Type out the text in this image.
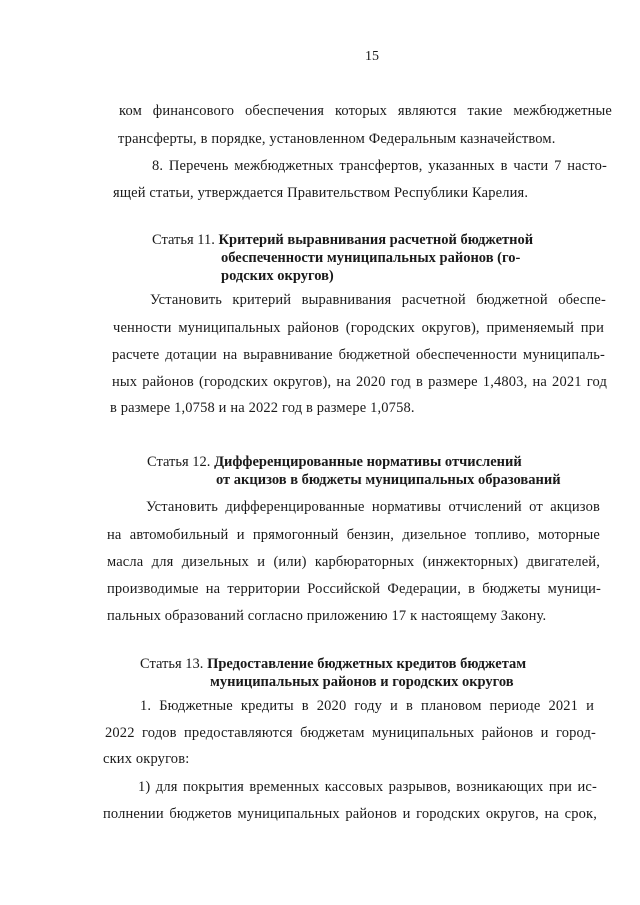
15
ком финансового обеспечения которых являются такие межбюджетные
трансферты, в порядке, установленном Федеральным казначейством.
8. Перечень межбюджетных трансфертов, указанных в части 7 насто-
ящей статьи, утверждается Правительством Республики Карелия.
Статья 11. Критерий выравнивания расчетной бюджетной
обеспеченности муниципальных районов (го-
родских округов)
Установить критерий выравнивания расчетной бюджетной обеспе-
ченности муниципальных районов (городских округов), применяемый при
расчете дотации на выравнивание бюджетной обеспеченности муниципаль-
ных районов (городских округов), на 2020 год в размере 1,4803, на 2021 год
в размере 1,0758 и на 2022 год в размере 1,0758.
Статья 12. Дифференцированные нормативы отчислений
от акцизов в бюджеты муниципальных образований
Установить дифференцированные нормативы отчислений от акцизов
на автомобильный и прямогонный бензин, дизельное топливо, моторные
масла для дизельных и (или) карбюраторных (инжекторных) двигателей,
производимые на территории Российской Федерации, в бюджеты муници-
пальных образований согласно приложению 17 к настоящему Закону.
Статья 13. Предоставление бюджетных кредитов бюджетам
муниципальных районов и городских округов
1. Бюджетные кредиты в 2020 году и в плановом периоде 2021 и
2022 годов предоставляются бюджетам муниципальных районов и город-
ских округов:
1) для покрытия временных кассовых разрывов, возникающих при ис-
полнении бюджетов муниципальных районов и городских округов, на срок,
